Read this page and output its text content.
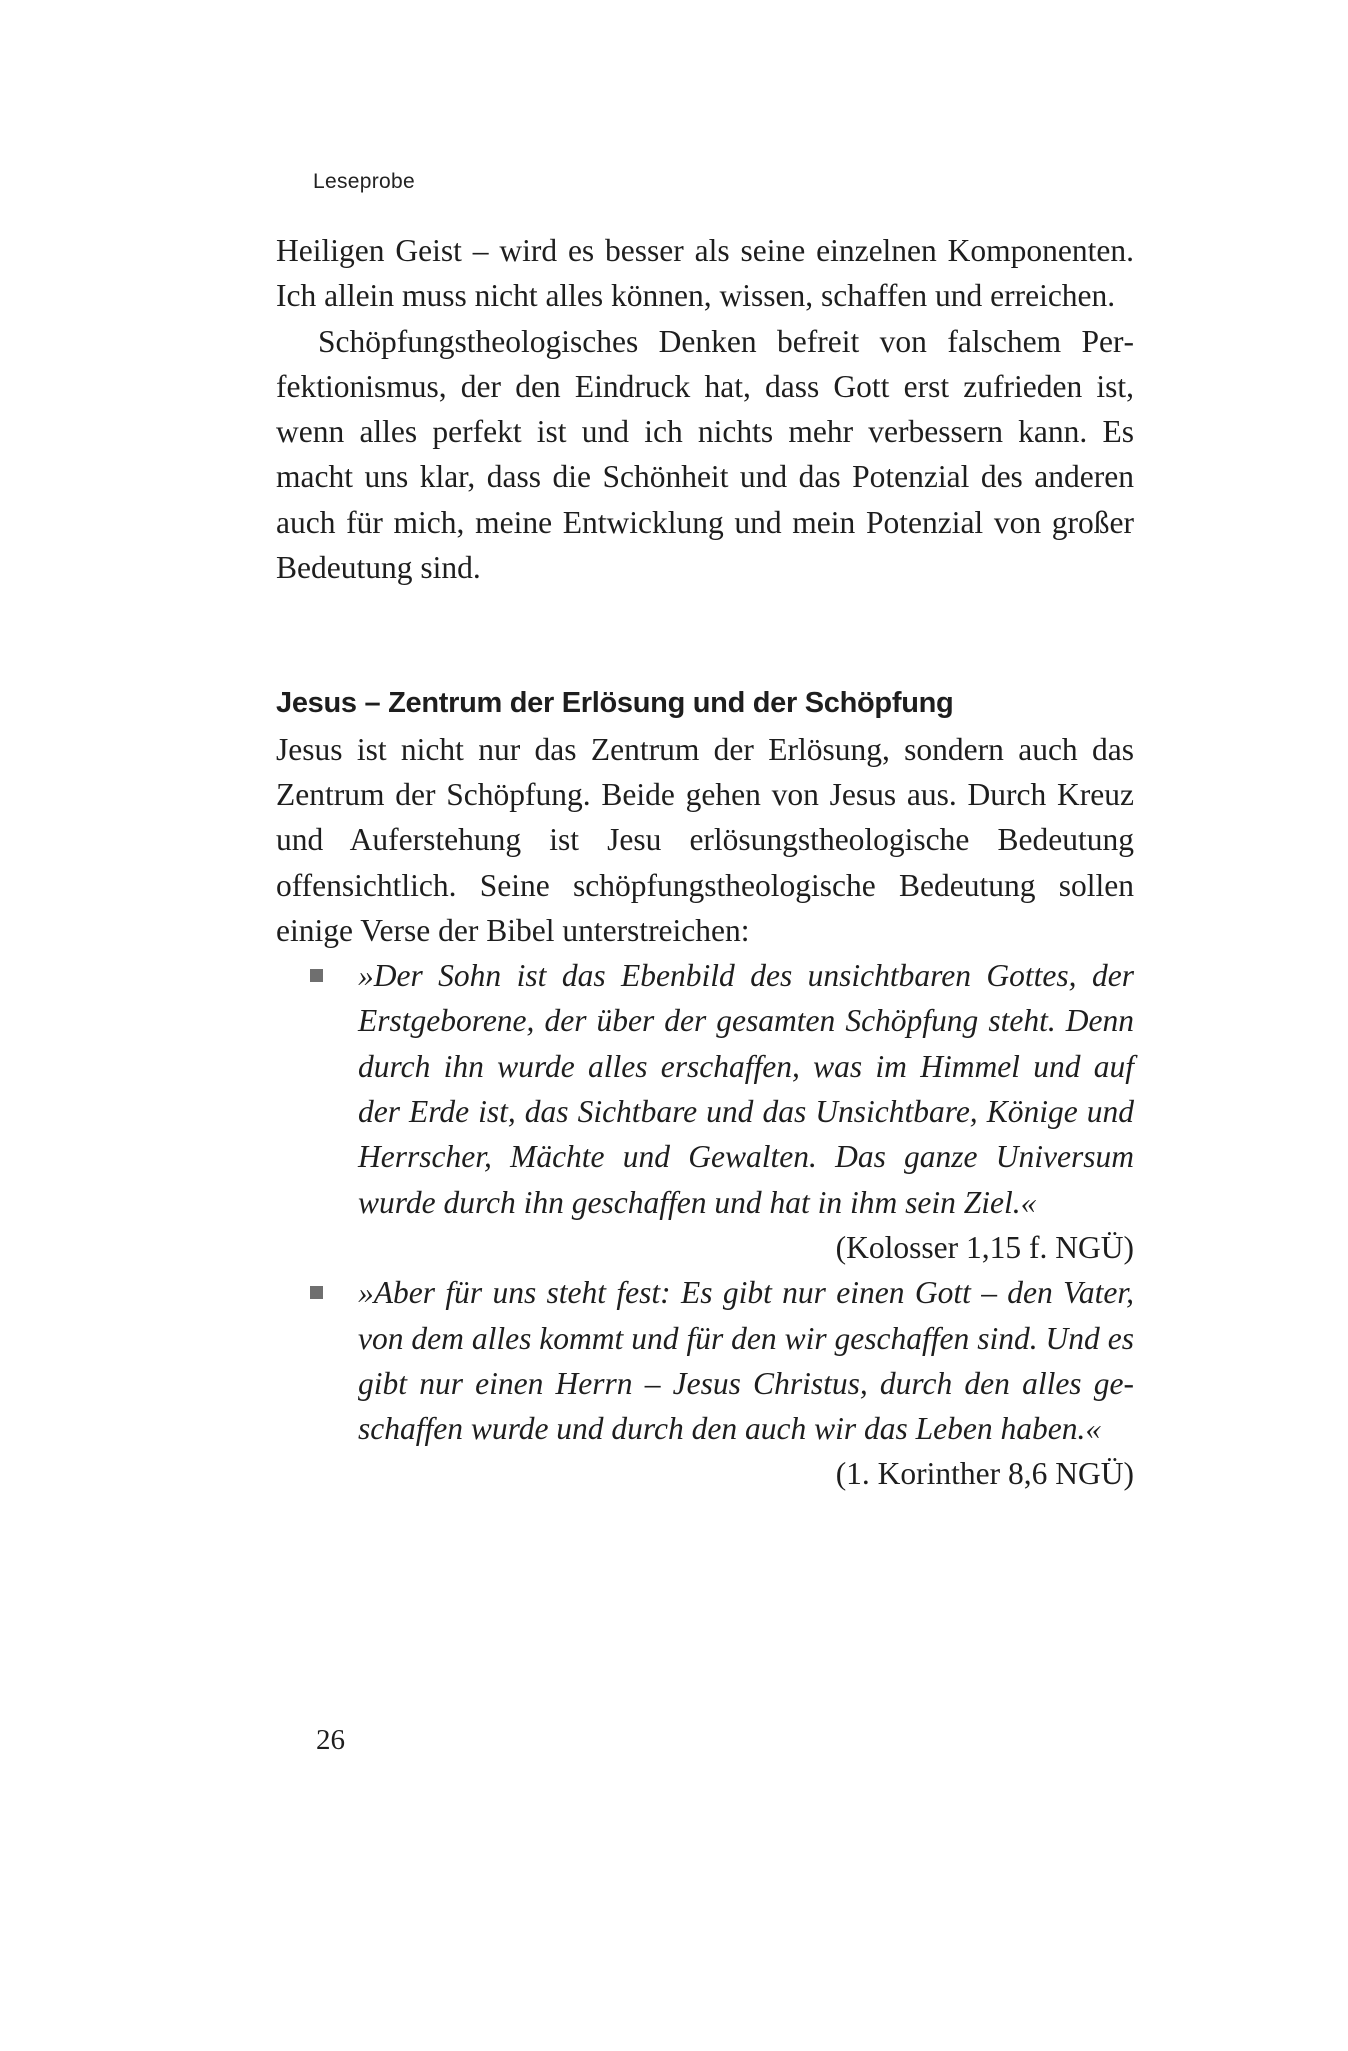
Leseprobe

Heiligen Geist – wird es besser als seine einzelnen Komponenten. Ich allein muss nicht alles können, wissen, schaffen und erreichen.

Schöpfungstheologisches Denken befreit von falschem Perfektionismus, der den Eindruck hat, dass Gott erst zufrieden ist, wenn alles perfekt ist und ich nichts mehr verbessern kann. Es macht uns klar, dass die Schönheit und das Potenzial des anderen auch für mich, meine Entwicklung und mein Potenzial von großer Bedeutung sind.

Jesus – Zentrum der Erlösung und der Schöpfung

Jesus ist nicht nur das Zentrum der Erlösung, sondern auch das Zentrum der Schöpfung. Beide gehen von Jesus aus. Durch Kreuz und Auferstehung ist Jesu erlösungstheologische Bedeutung offensichtlich. Seine schöpfungstheologische Bedeutung sollen einige Verse der Bibel unterstreichen:

»Der Sohn ist das Ebenbild des unsichtbaren Gottes, der Erstgeborene, der über der gesamten Schöpfung steht. Denn durch ihn wurde alles erschaffen, was im Himmel und auf der Erde ist, das Sichtbare und das Unsichtbare, Könige und Herrscher, Mächte und Gewalten. Das ganze Universum wurde durch ihn geschaffen und hat in ihm sein Ziel.«

(Kolosser 1,15 f. NGÜ)

»Aber für uns steht fest: Es gibt nur einen Gott – den Vater, von dem alles kommt und für den wir geschaffen sind. Und es gibt nur einen Herrn – Jesus Christus, durch den alles geschaffen wurde und durch den auch wir das Leben haben.«

(1. Korinther 8,6 NGÜ)

26
